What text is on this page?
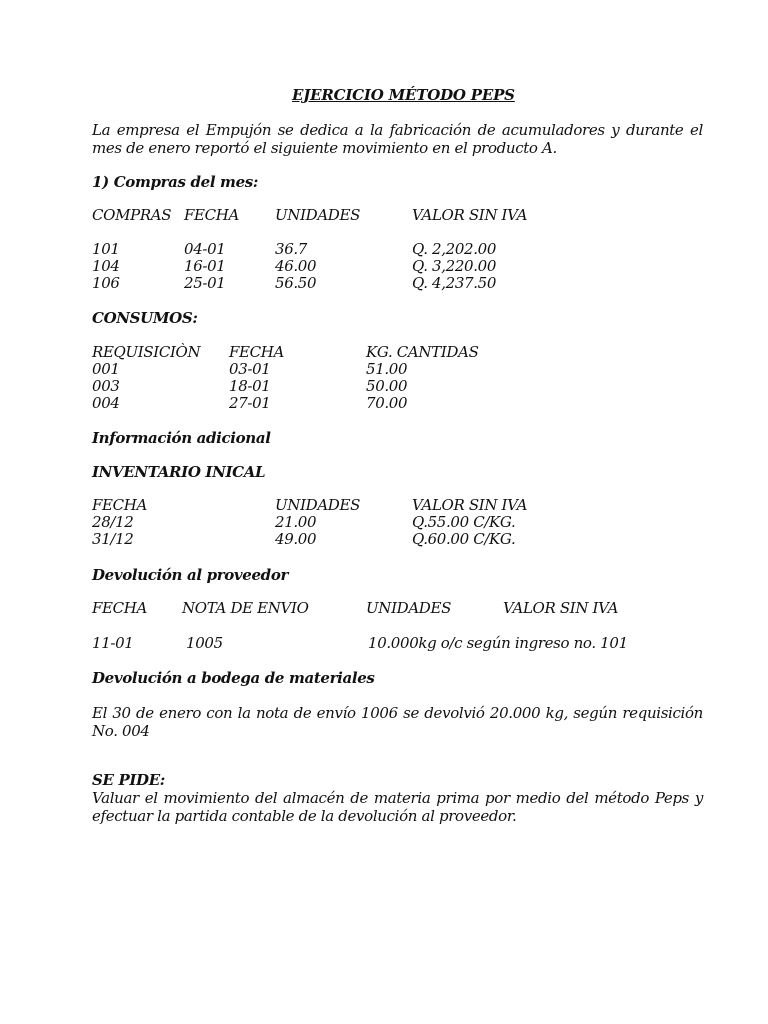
EJERCICIO MÉTODO PEPS
La empresa el Empujón se dedica a la fabricación de acumuladores y durante el mes de enero reportó el siguiente movimiento en el producto A.
1) Compras del mes:
COMPRAS FECHA UNIDADES	VALOR SIN IVA
101	04-01	36.7	Q. 2,202.00
104	16-01	46.00	Q. 3,220.00
106	25-01	56.50	Q. 4,237.50
CONSUMOS:
REQUISICIÒN FECHA	KG. CANTIDAS
001	03-01	51.00
003	18-01	50.00
004	27-01	70.00
Información adicional
INVENTARIO INICAL
FECHA	UNIDADES	VALOR SIN IVA
28/12	21.00	Q.55.00 C/KG.
31/12	49.00	Q.60.00 C/KG.
Devolución al proveedor
FECHA NOTA DE ENVIO	UNIDADES	VALOR SIN IVA
11-01	1005	10.000kg o/c según ingreso no. 101
Devolución a bodega de materiales
El 30 de enero con la nota de envío 1006 se devolvió 20.000 kg, según requisición No. 004
SE PIDE:
Valuar el movimiento del almacén de materia prima por medio del método Peps y efectuar la partida contable de la devolución al proveedor.
